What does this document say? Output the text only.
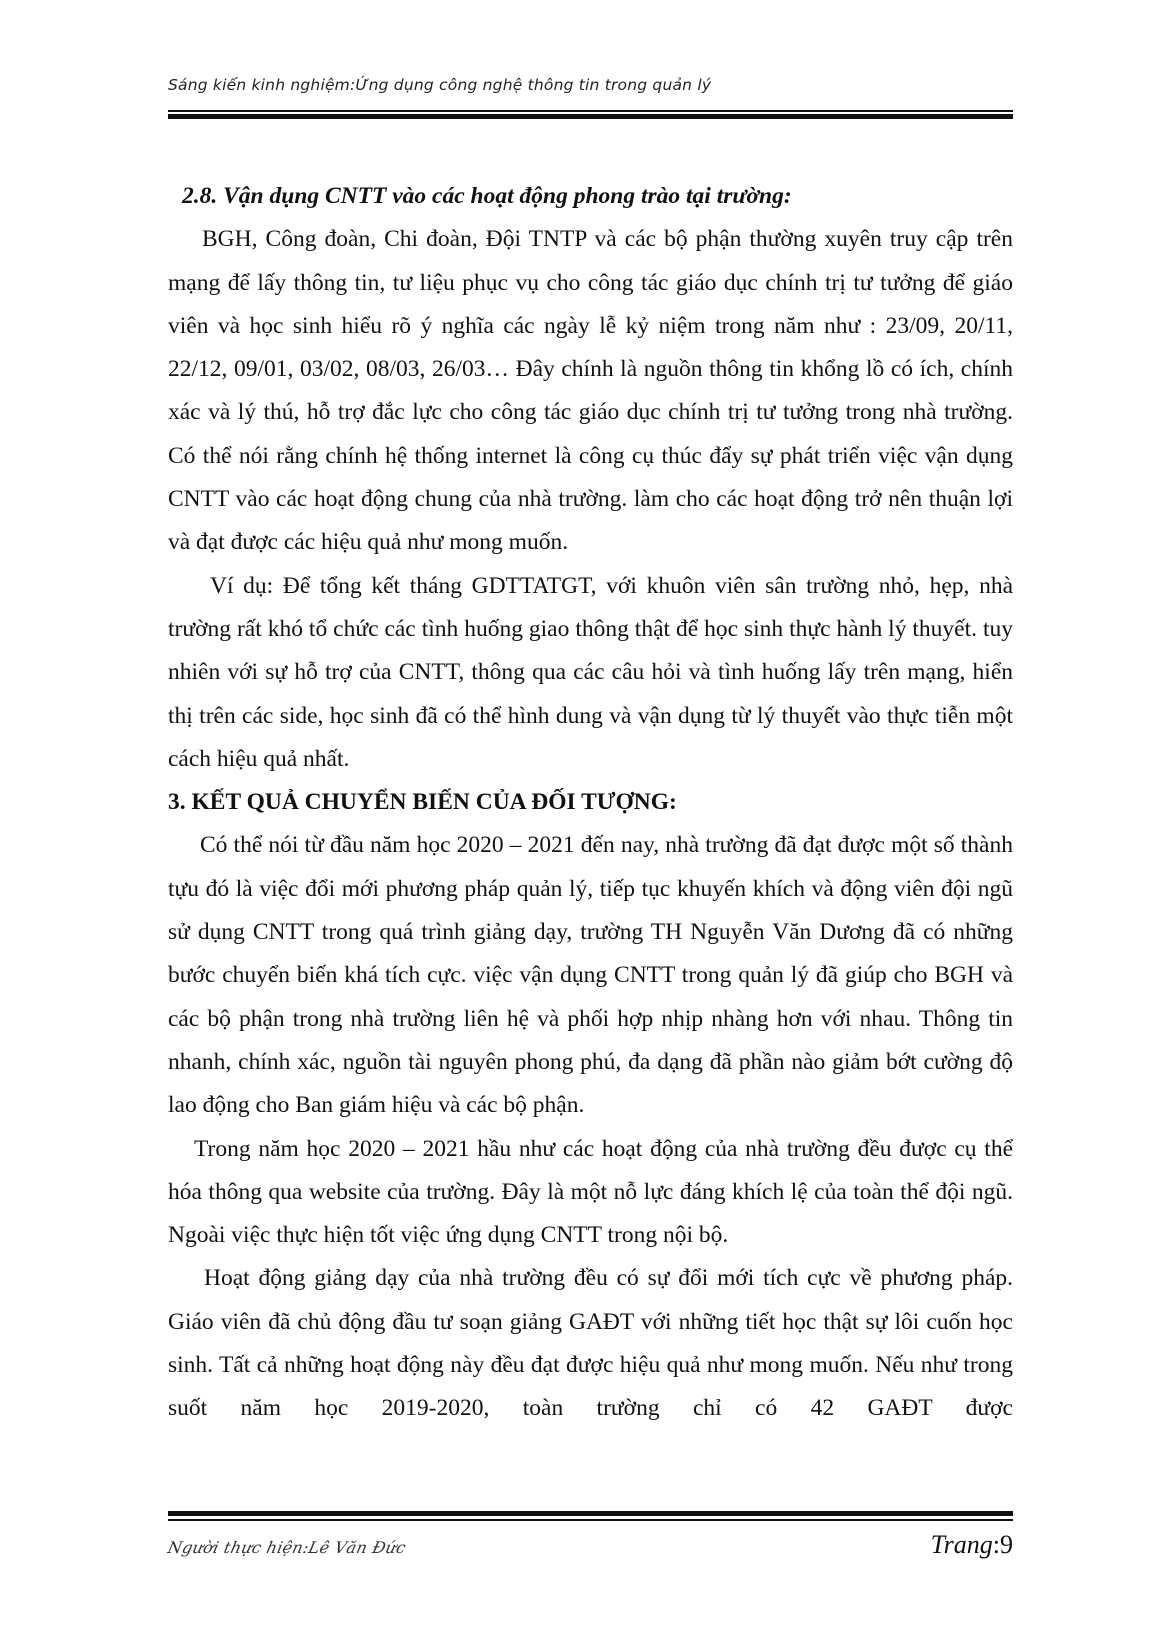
Sáng kiến kinh nghiệm:Ứng dụng công nghệ thông tin trong quản lý
2.8. Vận dụng CNTT vào các hoạt động phong trào tại trường:
BGH, Công đoàn, Chi đoàn, Đội TNTP và các bộ phận thường xuyên truy cập trên mạng để lấy thông tin, tư liệu phục vụ cho công tác giáo dục chính trị tư tưởng để giáo viên và học sinh hiểu rõ ý nghĩa các ngày lễ kỷ niệm trong năm như : 23/09, 20/11, 22/12, 09/01, 03/02, 08/03, 26/03… Đây chính là nguồn thông tin khổng lồ có ích, chính xác và lý thú, hỗ trợ đắc lực cho công tác giáo dục chính trị tư tưởng trong nhà trường. Có thể nói rằng chính hệ thống internet là công cụ thúc đẩy sự phát triển việc vận dụng CNTT vào các hoạt động chung của nhà trường. làm cho các hoạt động trở nên thuận lợi và đạt được các hiệu quả như mong muốn.
Ví dụ: Để tổng kết tháng GDTTATGT, với khuôn viên sân trường nhỏ, hẹp, nhà trường rất khó tổ chức các tình huống giao thông thật để học sinh thực hành lý thuyết. tuy nhiên với sự hỗ trợ của CNTT, thông qua các câu hỏi và tình huống lấy trên mạng, hiển thị trên các side, học sinh đã có thể hình dung và vận dụng từ lý thuyết vào thực tiễn một cách hiệu quả nhất.
3. KẾT QUẢ CHUYỂN BIẾN CỦA ĐỐI TƯỢNG:
Có thể nói từ đầu năm học 2020 – 2021 đến nay, nhà trường đã đạt được một số thành tựu đó là việc đổi mới phương pháp quản lý, tiếp tục khuyến khích và động viên đội ngũ sử dụng CNTT trong quá trình giảng dạy, trường TH Nguyễn Văn Dương đã có những bước chuyển biến khá tích cực. việc vận dụng CNTT trong quản lý đã giúp cho BGH và các bộ phận trong nhà trường liên hệ và phối hợp nhịp nhàng hơn với nhau. Thông tin nhanh, chính xác, nguồn tài nguyên phong phú, đa dạng đã phần nào giảm bớt cường độ lao động cho Ban giám hiệu và các bộ phận.
Trong năm học 2020 – 2021 hầu như các hoạt động của nhà trường đều được cụ thể hóa thông qua website của trường. Đây là một nỗ lực đáng khích lệ của toàn thể đội ngũ. Ngoài việc thực hiện tốt việc ứng dụng CNTT trong nội bộ.
Hoạt động giảng dạy của nhà trường đều có sự đổi mới tích cực về phương pháp. Giáo viên đã chủ động đầu tư soạn giảng GAĐT với những tiết học thật sự lôi cuốn học sinh. Tất cả những hoạt động này đều đạt được hiệu quả như mong muốn. Nếu như trong suốt năm học 2019-2020, toàn trường chỉ có 42 GAĐT được
Người thực hiện:Lê Văn Đức	Trang:9
